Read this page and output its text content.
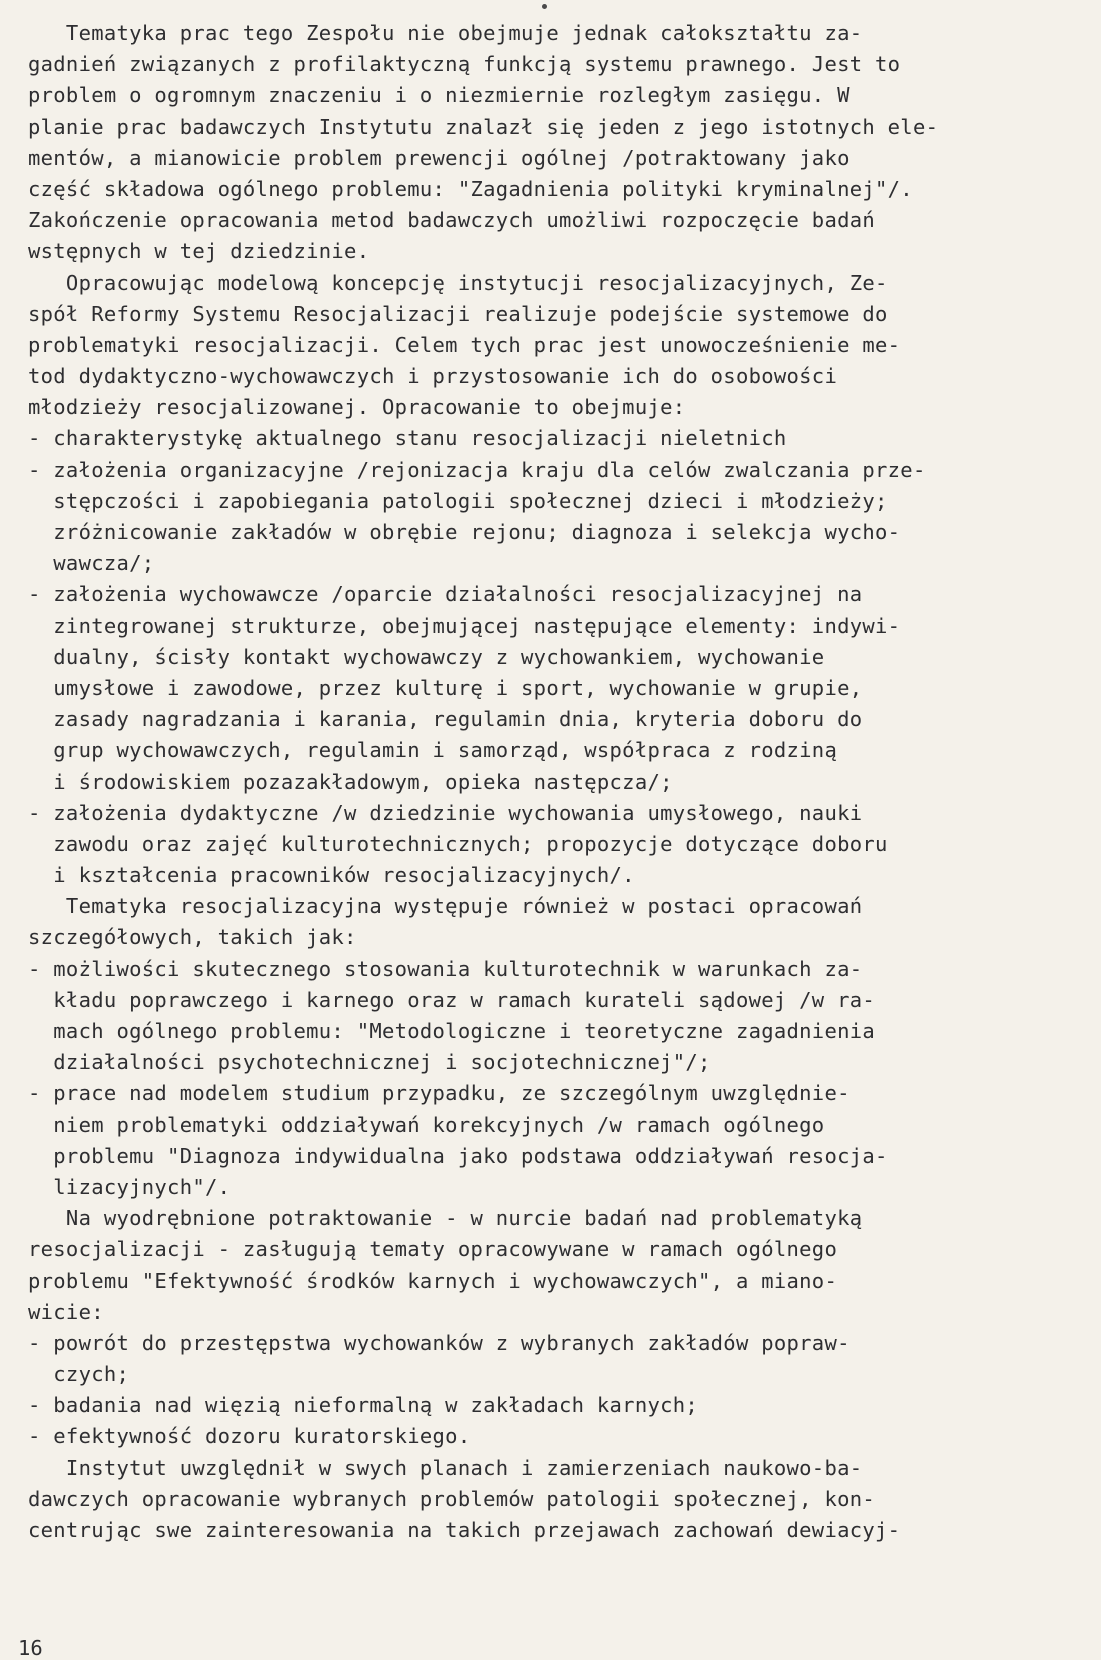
Tematyka prac tego Zespołu nie obejmuje jednak całokształtu za-
gadnień związanych z profilaktyczną funkcją systemu prawnego. Jest to
problem o ogromnym znaczeniu i o niezmiernie rozległym zasięgu. W
planie prac badawczych Instytutu znalazł się jeden z jego istotnych ele-
mentów, a mianowicie problem prewencji ogólnej /potraktowany jako
część składowa ogólnego problemu: "Zagadnienia polityki kryminalnej"/.
Zakończenie opracowania metod badawczych umożliwi rozpoczęcie badań
wstępnych w tej dziedzinie.
Opracowując modelową koncepcję instytucji resocjalizacyjnych, Ze-
spół Reformy Systemu Resocjalizacji realizuje podejście systemowe do
problematyki resocjalizacji. Celem tych prac jest unowocześnienie me-
tod dydaktyczno-wychowawczych i przystosowanie ich do osobowości
młodzieży resocjalizowanej. Opracowanie to obejmuje:
- charakterystykę aktualnego stanu resocjalizacji nieletnich
- założenia organizacyjne /rejonizacja kraju dla celów zwalczania prze-
stępczości i zapobiegania patologii społecznej dzieci i młodzieży;
zróżnicowanie zakładów w obrębie rejonu; diagnoza i selekcja wycho-
wawcza/;
- założenia wychowawcze /oparcie działalności resocjalizacyjnej na
zintegrowanej strukturze, obejmującej następujące elementy: indywi-
dualny, ścisły kontakt wychowawczy z wychowankiem, wychowanie
umysłowe i zawodowe, przez kulturę i sport, wychowanie w grupie,
zasady nagradzania i karania, regulamin dnia, kryteria doboru do
grup wychowawczych, regulamin i samorząd, współpraca z rodziną
i środowiskiem pozazakładowym, opieka następcza/;
- założenia dydaktyczne /w dziedzinie wychowania umysłowego, nauki
zawodu oraz zajęć kulturotechnicznych; propozycje dotyczące doboru
i kształcenia pracowników resocjalizacyjnych/.
Tematyka resocjalizacyjna występuje również w postaci opracowań
szczegółowych, takich jak:
- możliwości skutecznego stosowania kulturotechnik w warunkach za-
kładu poprawczego i karnego oraz w ramach kurateli sądowej /w ra-
mach ogólnego problemu: "Metodologiczne i teoretyczne zagadnienia
działalności psychotechnicznej i socjotechnicznej"/;
- prace nad modelem studium przypadku, ze szczególnym uwzględnie-
niem problematyki oddziaływań korekcyjnych /w ramach ogólnego
problemu "Diagnoza indywidualna jako podstawa oddziaływań resocja-
lizacyjnych"/.
Na wyodrębnione potraktowanie - w nurcie badań nad problematyką
resocjalizacji - zasługują tematy opracowywane w ramach ogólnego
problemu "Efektywność środków karnych i wychowawczych", a miano-
wicie:
- powrót do przestępstwa wychowanków z wybranych zakładów popraw-
czych;
- badania nad więzią nieformalną w zakładach karnych;
- efektywność dozoru kuratorskiego.
Instytut uwzględnił w swych planach i zamierzeniach naukowo-ba-
dawczych opracowanie wybranych problemów patologii społecznej, kon-
centrując swe zainteresowania na takich przejawach zachowań dewiacyj-
16
